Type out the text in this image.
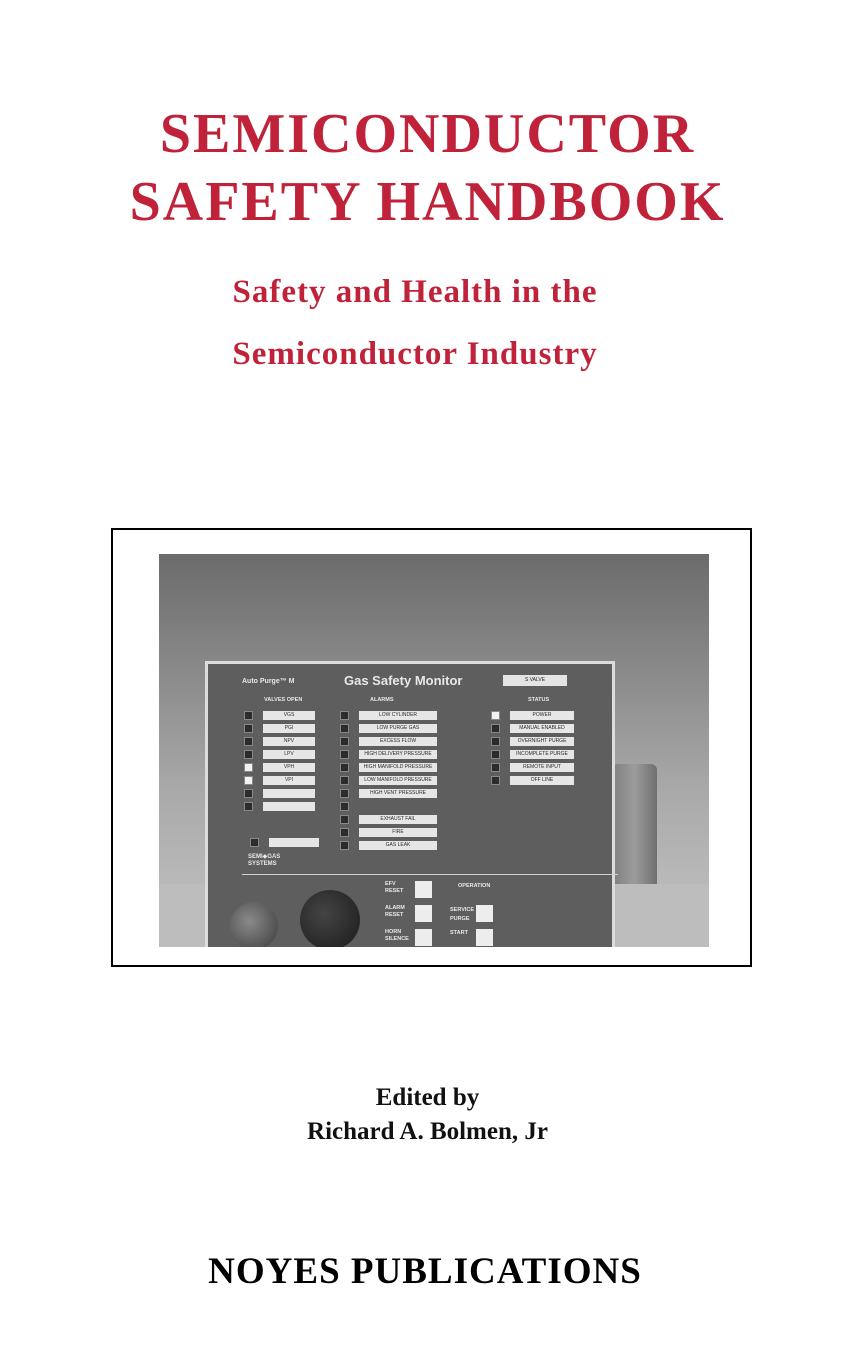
SEMICONDUCTOR
SAFETY HANDBOOK
Safety and Health in the
Semiconductor Industry
Auto Purge™ M	Gas Safety Monitor	S VALVE
VALVES OPEN	ALARMS	STATUS
VGS
PGI
NPV
LPV
VPH
VPI
LOW CYLINDER
LOW PURGE GAS
EXCESS FLOW
HIGH DELIVERY PRESSURE
HIGH MANIFOLD PRESSURE
LOW MANIFOLD PRESSURE
HIGH VENT PRESSURE
EXHAUST FAIL
FIRE
GAS LEAK
POWER
MANUAL ENABLED
OVERNIGHT PURGE
INCOMPLETE PURGE
REMOTE INPUT
OFF LINE
SEMI◆GAS
SYSTEMS
EFV RESET
ALARM RESET
HORN SILENCE
OPERATION
SERVICE
PURGE
START
Edited by
Richard A. Bolmen, Jr
NOYES PUBLICATIONS
